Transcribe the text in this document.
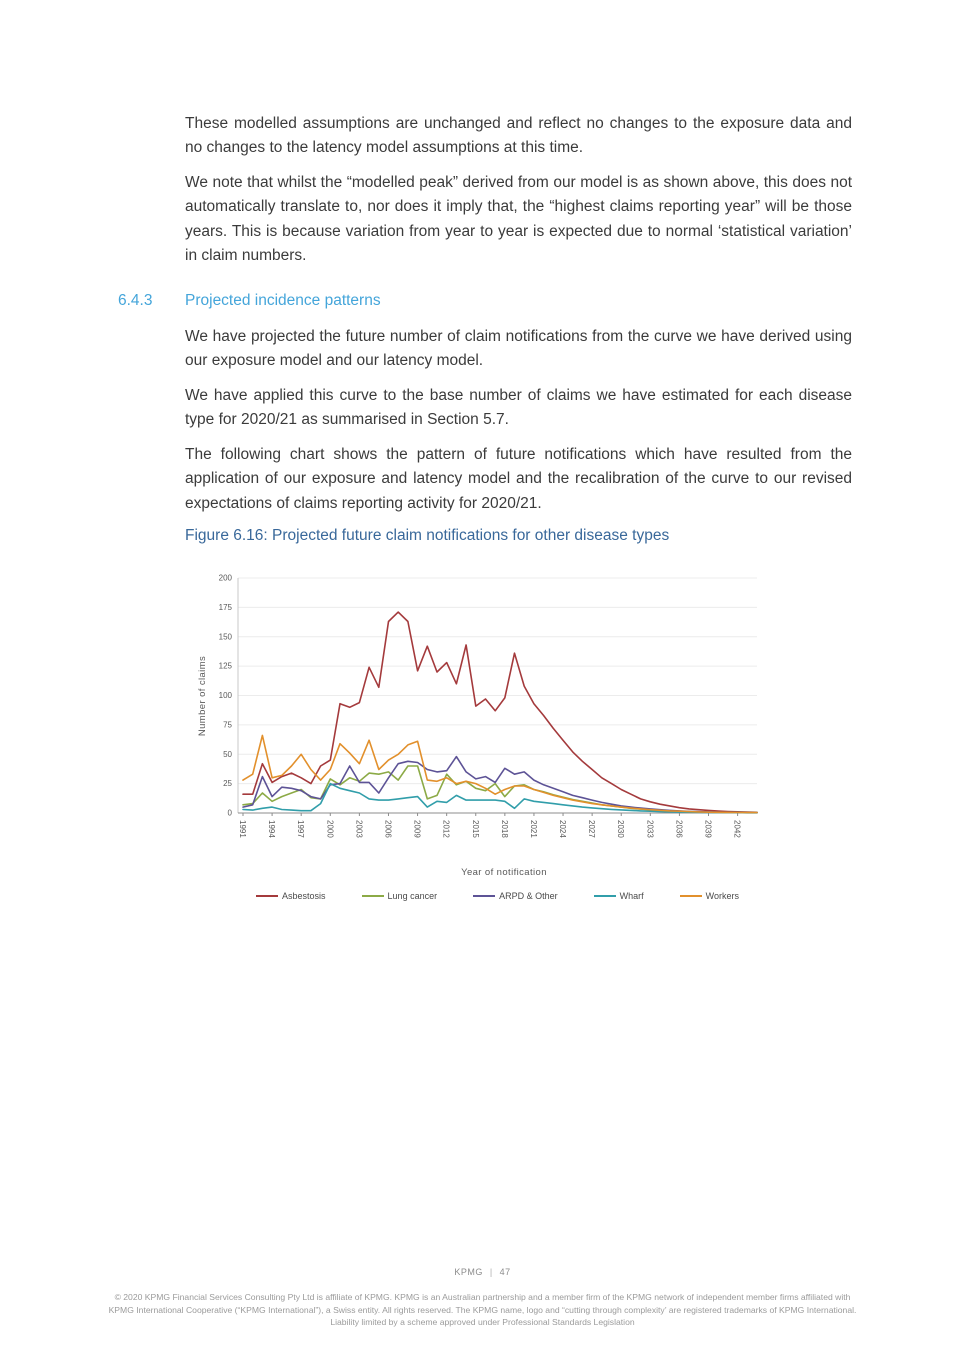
These modelled assumptions are unchanged and reflect no changes to the exposure data and no changes to the latency model assumptions at this time.

We note that whilst the “modelled peak” derived from our model is as shown above, this does not automatically translate to, nor does it imply that, the “highest claims reporting year” will be those years. This is because variation from year to year is expected due to normal ‘statistical variation’ in claim numbers.

6.4.3 Projected incidence patterns

We have projected the future number of claim notifications from the curve we have derived using our exposure model and our latency model.

We have applied this curve to the base number of claims we have estimated for each disease type for 2020/21 as summarised in Section 5.7.

The following chart shows the pattern of future notifications which have resulted from the application of our exposure and latency model and the recalibration of the curve to our revised expectations of claims reporting activity for 2020/21.

Figure 6.16: Projected future claim notifications for other disease types
0
25
50
75
100
125
150
175
200
1991	1994	1997	2000	2003	2006	2009	2012	2015	2018	2021	2024	2027	2030	2033	2036	2039	2042
Number of claims
Year of notification
Asbestosis	Lung cancer	ARPD & Other	Wharf	Workers
KPMG | 47
© 2020 KPMG Financial Services Consulting Pty Ltd is affiliate of KPMG. KPMG is an Australian partnership and a member firm of the KPMG network of independent member firms affiliated with KPMG International Cooperative (“KPMG International”), a Swiss entity. All rights reserved. The KPMG name, logo and “cutting through complexity’ are registered trademarks of KPMG International. Liability limited by a scheme approved under Professional Standards Legislation
